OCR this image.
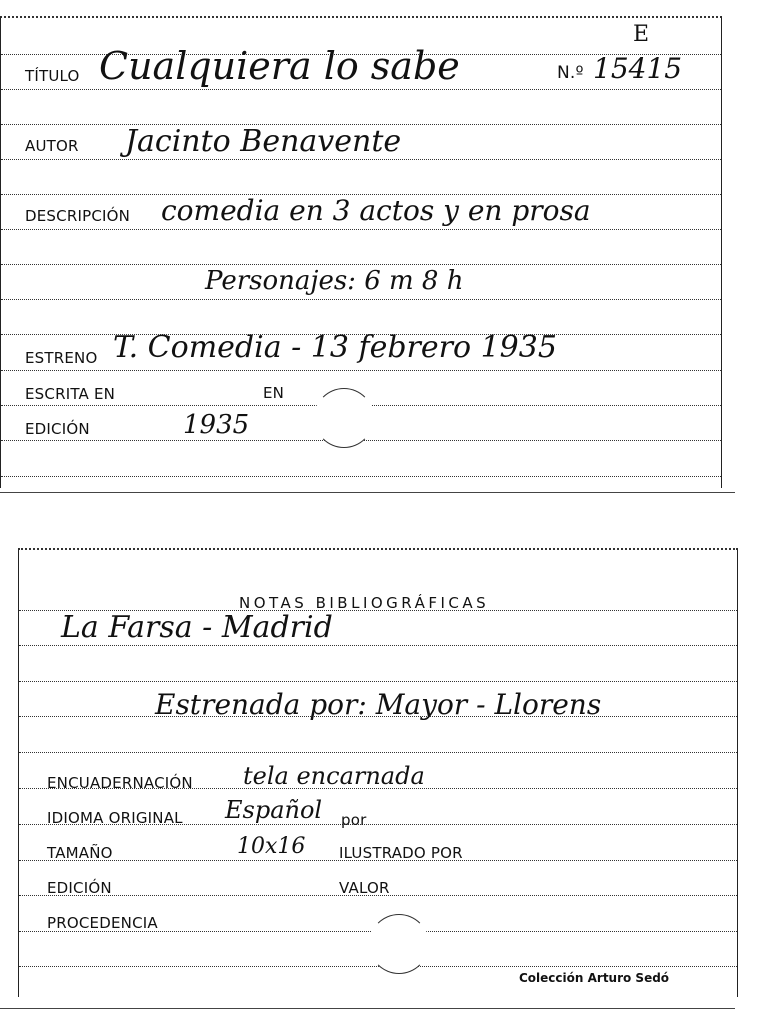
TÍTULO Cualquiera lo sabe	N.º 15415
E
AUTOR Jacinto Benavente
DESCRIPCIÓN comedia en 3 actos y en prosa
Personajes: 6 m 8 h
ESTRENO T. Comedia - 13 febrero 1935
ESCRITA EN	EN
EDICIÓN	1935
NOTAS BIBLIOGRÁFICAS
La Farsa - Madrid
Estrenada por: Mayor - Llorens
ENCUADERNACIÓN tela encarnada
IDIOMA ORIGINAL Español por
TAMAÑO	10x16 ILUSTRADO POR
EDICIÓN	VALOR
PROCEDENCIA
Colección Arturo Sedó
